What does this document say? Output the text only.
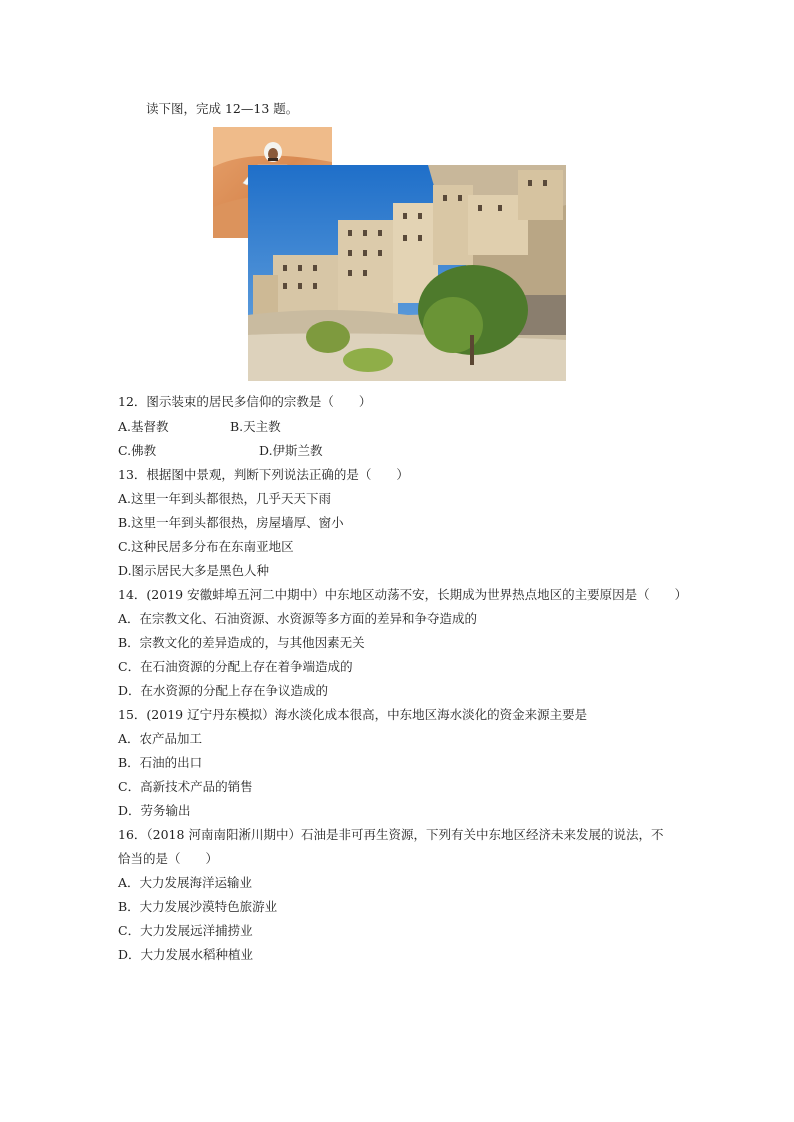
读下图，完成 12—13 题。
12．图示装束的居民多信仰的宗教是（　　）
A.基督教	B.天主教
C.佛教	D.伊斯兰教
13．根据图中景观，判断下列说法正确的是（　　）
A.这里一年到头都很热，几乎天天下雨
B.这里一年到头都很热，房屋墙厚、窗小
C.这种民居多分布在东南亚地区
D.图示居民大多是黑色人种
14．(2019 安徽蚌埠五河二中期中）中东地区动荡不安，长期成为世界热点地区的主要原因是（　　）
A．在宗教文化、石油资源、水资源等多方面的差异和争夺造成的
B．宗教文化的差异造成的，与其他因素无关
C．在石油资源的分配上存在着争端造成的
D．在水资源的分配上存在争议造成的
15．(2019 辽宁丹东模拟）海水淡化成本很高，中东地区海水淡化的资金来源主要是
A．农产品加工
B．石油的出口
C．高新技术产品的销售
D．劳务输出
16．（2018 河南南阳淅川期中）石油是非可再生资源，下列有关中东地区经济未来发展的说法，不
恰当的是（　　）
A．大力发展海洋运输业
B．大力发展沙漠特色旅游业
C．大力发展远洋捕捞业
D．大力发展水稻种植业
